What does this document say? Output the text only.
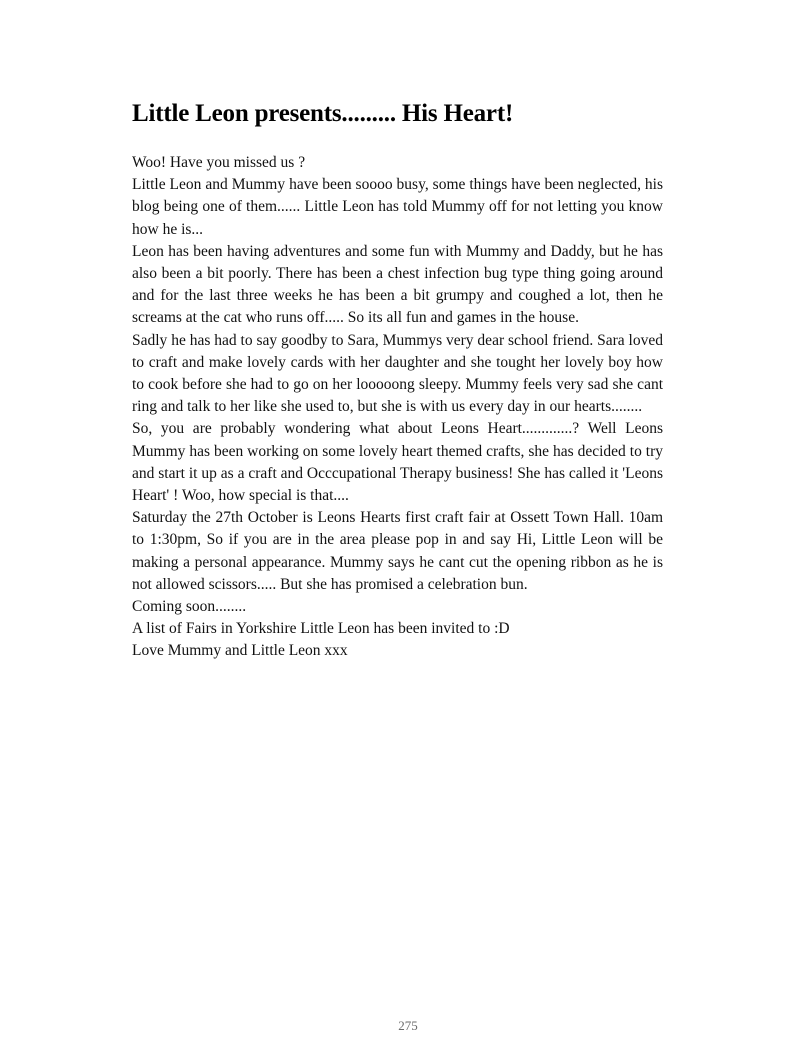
Little Leon presents......... His Heart!

Woo! Have you missed us ?

Little Leon and Mummy have been soooo busy, some things have been neglected, his blog being one of them...... Little Leon has told Mummy off for not letting you know how he is...

Leon has been having adventures and some fun with Mummy and Daddy, but he has also been a bit poorly. There has been a chest infection bug type thing going around and for the last three weeks he has been a bit grumpy and coughed a lot, then he screams at the cat who runs off..... So its all fun and games in the house.

Sadly he has had to say goodby to Sara, Mummys very dear school friend. Sara loved to craft and make lovely cards with her daughter and she tought her lovely boy how to cook before she had to go on her looooong sleepy. Mummy feels very sad she cant ring and talk to her like she used to, but she is with us every day in our hearts........

So, you are probably wondering what about Leons Heart.............? Well Leons Mummy has been working on some lovely heart themed crafts, she has decided to try and start it up as a craft and Occcupational Therapy business! She has called it 'Leons Heart' ! Woo, how special is that....

Saturday the 27th October is Leons Hearts first craft fair at Ossett Town Hall. 10am to 1:30pm, So if you are in the area please pop in and say Hi, Little Leon will be making a personal appearance. Mummy says he cant cut the opening ribbon as he is not allowed scissors..... But she has promised a celebration bun.

Coming soon........

A list of Fairs in Yorkshire Little Leon has been invited to :D

Love Mummy and Little Leon xxx

275
